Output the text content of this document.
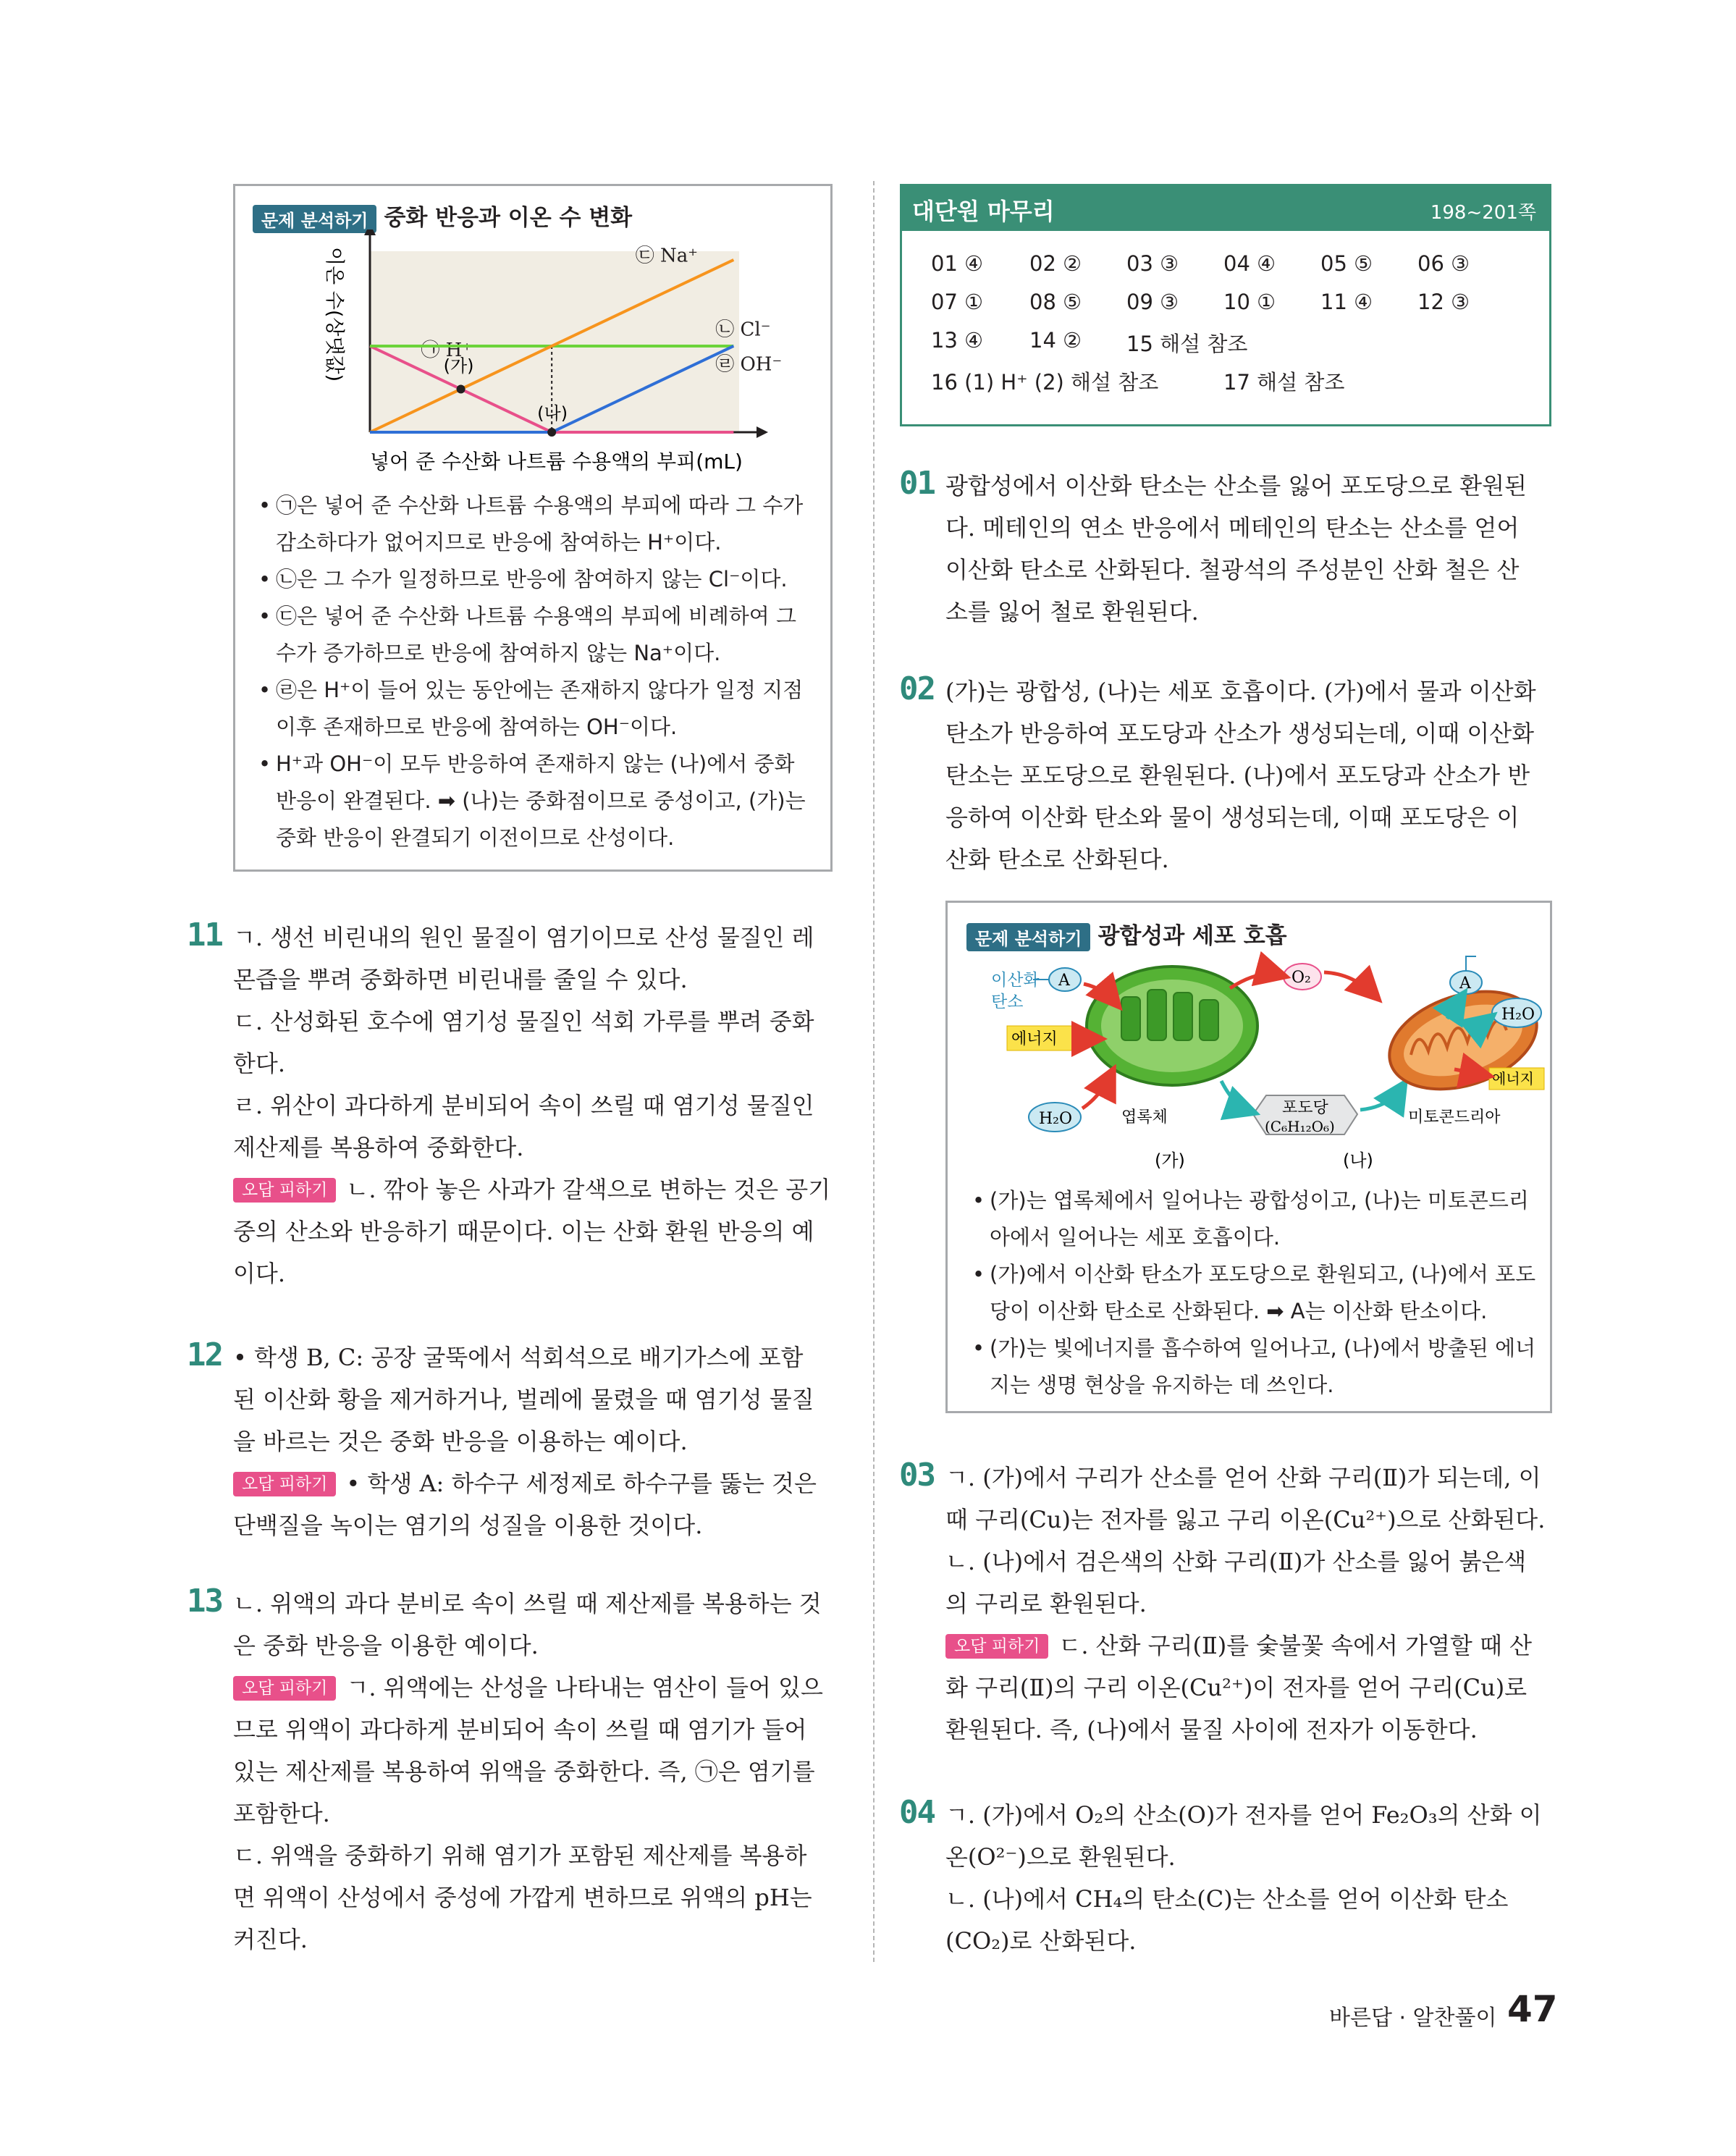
문제 분석하기 중화 반응과 이온 수 변화
㉠ H⁺
㉡ Cl⁻
㉢ Na⁺
㉣ OH⁻
(가)
(나)
넣어 준 수산화 나트륨 수용액의 부피(mL)
이온 수(상댓값)

• ㉠은 넣어 준 수산화 나트륨 수용액의 부피에 따라 그 수가 감소하다가 없어지므로 반응에 참여하는 H⁺이다.

• ㉡은 그 수가 일정하므로 반응에 참여하지 않는 Cl⁻이다.

• ㉢은 넣어 준 수산화 나트륨 수용액의 부피에 비례하여 그 수가 증가하므로 반응에 참여하지 않는 Na⁺이다.

• ㉣은 H⁺이 들어 있는 동안에는 존재하지 않다가 일정 지점이후 존재하므로 반응에 참여하는 OH⁻이다.

• H⁺과 OH⁻이 모두 반응하여 존재하지 않는 (나)에서 중화 반응이 완결된다. ➡ (나)는 중화점이므로 중성이고, (가)는 중화 반응이 완결되기 이전이므로 산성이다.

11 ㄱ. 생선 비린내의 원인 물질이 염기이므로 산성 물질인 레

몬즙을 뿌려 중화하면 비린내를 줄일 수 있다.

ㄷ. 산성화된 호수에 염기성 물질인 석회 가루를 뿌려 중화

한다.

ㄹ. 위산이 과다하게 분비되어 속이 쓰릴 때 염기성 물질인

제산제를 복용하여 중화한다.

오답 피하기 ㄴ. 깎아 놓은 사과가 갈색으로 변하는 것은 공기

중의 산소와 반응하기 때문이다. 이는 산화 환원 반응의 예

이다.

12 • 학생 B, C: 공장 굴뚝에서 석회석으로 배기가스에 포함

된 이산화 황을 제거하거나, 벌레에 물렸을 때 염기성 물질

을 바르는 것은 중화 반응을 이용하는 예이다.

오답 피하기 • 학생 A: 하수구 세정제로 하수구를 뚫는 것은

단백질을 녹이는 염기의 성질을 이용한 것이다.

13 ㄴ. 위액의 과다 분비로 속이 쓰릴 때 제산제를 복용하는 것

은 중화 반응을 이용한 예이다.

오답 피하기 ㄱ. 위액에는 산성을 나타내는 염산이 들어 있으

므로 위액이 과다하게 분비되어 속이 쓰릴 때 염기가 들어

있는 제산제를 복용하여 위액을 중화한다. 즉, ㉠은 염기를

포함한다.

ㄷ. 위액을 중화하기 위해 염기가 포함된 제산제를 복용하

면 위액이 산성에서 중성에 가깝게 변하므로 위액의 pH는

커진다.

대단원 마무리	198~201쪽
01 ④ 02 ② 03 ③ 04 ④ 05 ⑤ 06 ③
07 ① 08 ⑤ 09 ③ 10 ① 11 ④ 12 ③
13 ④ 14 ② 15 해설 참조
16 (1) H⁺ (2) 해설 참조	17 해설 참조
01 광합성에서 이산화 탄소는 산소를 잃어 포도당으로 환원된

다. 메테인의 연소 반응에서 메테인의 탄소는 산소를 얻어

이산화 탄소로 산화된다. 철광석의 주성분인 산화 철은 산

소를 잃어 철로 환원된다.

02 (가)는 광합성, (나)는 세포 호흡이다. (가)에서 물과 이산화

탄소가 반응하여 포도당과 산소가 생성되는데, 이때 이산화

탄소는 포도당으로 환원된다. (나)에서 포도당과 산소가 반

응하여 이산화 탄소와 물이 생성되는데, 이때 포도당은 이

산화 탄소로 산화된다.

문제 분석하기 광합성과 세포 호흡
이산화
탄소
A	O₂
에너지
H₂O	엽록체
포도당
(C₆H₁₂O₆)	미토콘드리아
A
H₂O
에너지
(가)	(나)

• (가)는 엽록체에서 일어나는 광합성이고, (나)는 미토콘드리아에서 일어나는 세포 호흡이다.

• (가)에서 이산화 탄소가 포도당으로 환원되고, (나)에서 포도당이 이산화 탄소로 산화된다. ➡ A는 이산화 탄소이다.

• (가)는 빛에너지를 흡수하여 일어나고, (나)에서 방출된 에너지는 생명 현상을 유지하는 데 쓰인다.

03 ㄱ. (가)에서 구리가 산소를 얻어 산화 구리(Ⅱ)가 되는데, 이

때 구리(Cu)는 전자를 잃고 구리 이온(Cu²⁺)으로 산화된다.

ㄴ. (나)에서 검은색의 산화 구리(Ⅱ)가 산소를 잃어 붉은색

의 구리로 환원된다.

오답 피하기 ㄷ. 산화 구리(Ⅱ)를 숯불꽃 속에서 가열할 때 산

화 구리(Ⅱ)의 구리 이온(Cu²⁺)이 전자를 얻어 구리(Cu)로

환원된다. 즉, (나)에서 물질 사이에 전자가 이동한다.

04 ㄱ. (가)에서 O₂의 산소(O)가 전자를 얻어 Fe₂O₃의 산화 이

온(O²⁻)으로 환원된다.

ㄴ. (나)에서 CH₄의 탄소(C)는 산소를 얻어 이산화 탄소

(CO₂)로 산화된다.

바른답 · 알찬풀이 47
